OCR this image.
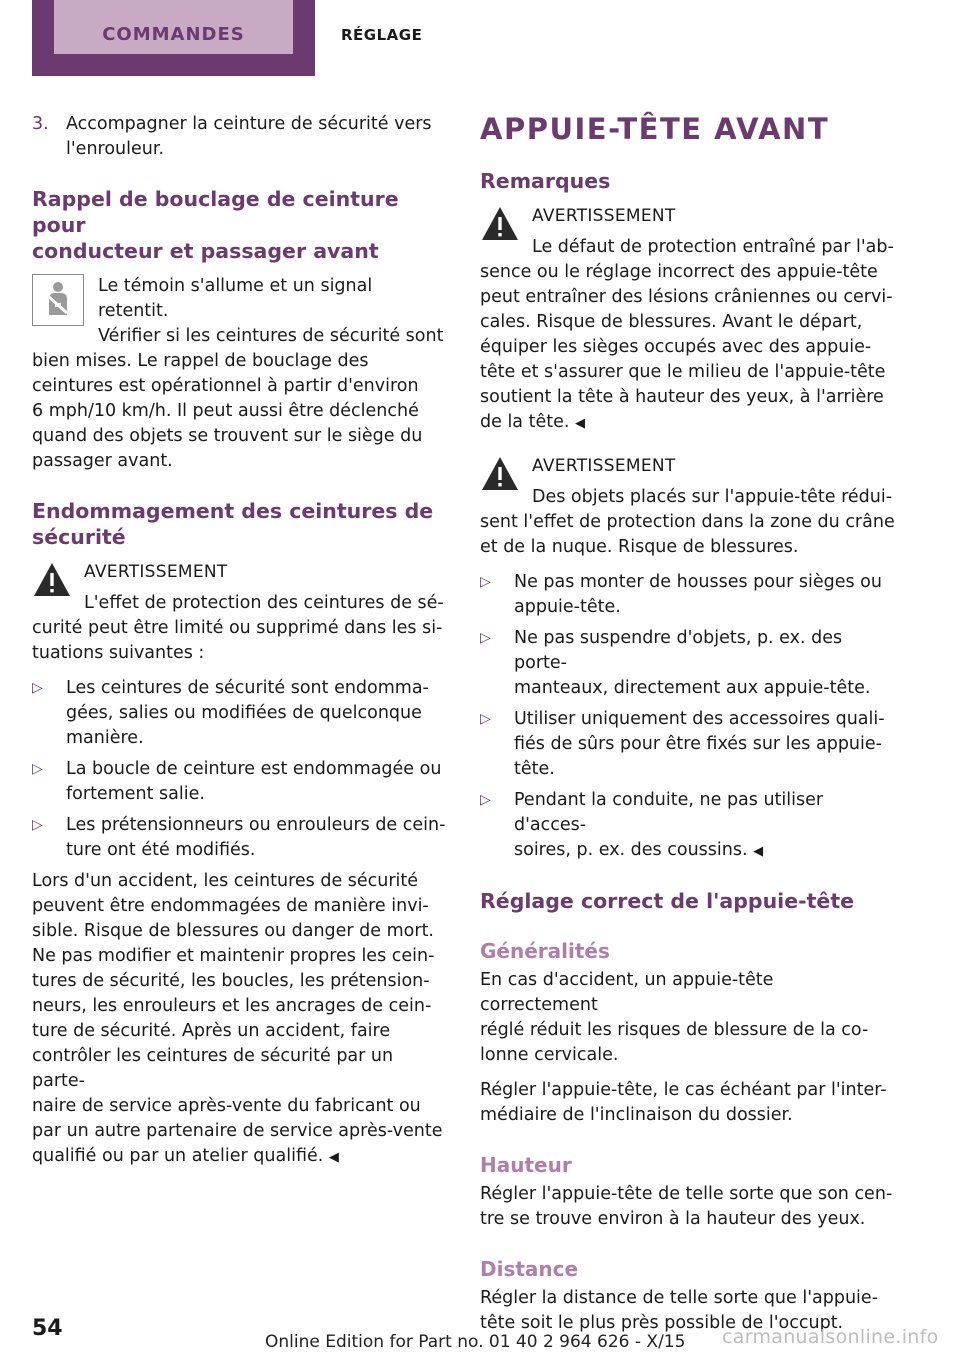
COMMANDES	RÉGLAGE
3. Accompagner la ceinture de sécurité vers
l'enrouleur.

Rappel de bouclage de ceinture pour
conducteur et passager avant

Le témoin s'allume et un signal retentit.
Vérifier si les ceintures de sécurité sont
bien mises. Le rappel de bouclage des
ceintures est opérationnel à partir d'environ
6 mph/10 km/h. Il peut aussi être déclenché
quand des objets se trouvent sur le siège du
passager avant.

Endommagement des ceintures de
sécurité
AVERTISSEMENT

L'effet de protection des ceintures de sé-
curité peut être limité ou supprimé dans les si-
tuations suivantes :

▷	Les ceintures de sécurité sont endomma-
gées, salies ou modifiées de quelconque
manière.

▷	La boucle de ceinture est endommagée ou
fortement salie.

▷	Les prétensionneurs ou enrouleurs de cein-
ture ont été modifiés.

Lors d'un accident, les ceintures de sécurité
peuvent être endommagées de manière invi-
sible. Risque de blessures ou danger de mort.
Ne pas modifier et maintenir propres les cein-
tures de sécurité, les boucles, les prétension-
neurs, les enrouleurs et les ancrages de cein-
ture de sécurité. Après un accident, faire
contrôler les ceintures de sécurité par un parte-
naire de service après-vente du fabricant ou
par un autre partenaire de service après-vente
qualifié ou par un atelier qualifié. ◀

APPUIE-TÊTE AVANT
Remarques
AVERTISSEMENT

Le défaut de protection entraîné par l'ab-
sence ou le réglage incorrect des appuie-tête
peut entraîner des lésions crâniennes ou cervi-
cales. Risque de blessures. Avant le départ,
équiper les sièges occupés avec des appuie-
tête et s'assurer que le milieu de l'appuie-tête
soutient la tête à hauteur des yeux, à l'arrière
de la tête. ◀

AVERTISSEMENT

Des objets placés sur l'appuie-tête rédui-
sent l'effet de protection dans la zone du crâne
et de la nuque. Risque de blessures.

▷	Ne pas monter de housses pour sièges ou
appuie-tête.

▷	Ne pas suspendre d'objets, p. ex. des porte-
manteaux, directement aux appuie-tête.

▷	Utiliser uniquement des accessoires quali-
fiés de sûrs pour être fixés sur les appuie-
tête.

▷	Pendant la conduite, ne pas utiliser d'acces-
soires, p. ex. des coussins. ◀

Réglage correct de l'appuie-tête
Généralités

En cas d'accident, un appuie-tête correctement
réglé réduit les risques de blessure de la co-
lonne cervicale.

Régler l'appuie-tête, le cas échéant par l'inter-
médiaire de l'inclinaison du dossier.

Hauteur

Régler l'appuie-tête de telle sorte que son cen-
tre se trouve environ à la hauteur des yeux.

Distance

Régler la distance de telle sorte que l'appuie-
tête soit le plus près possible de l'occupt.

54
Online Edition for Part no. 01 40 2 964 626 - X/15 carmanualsonline.info
